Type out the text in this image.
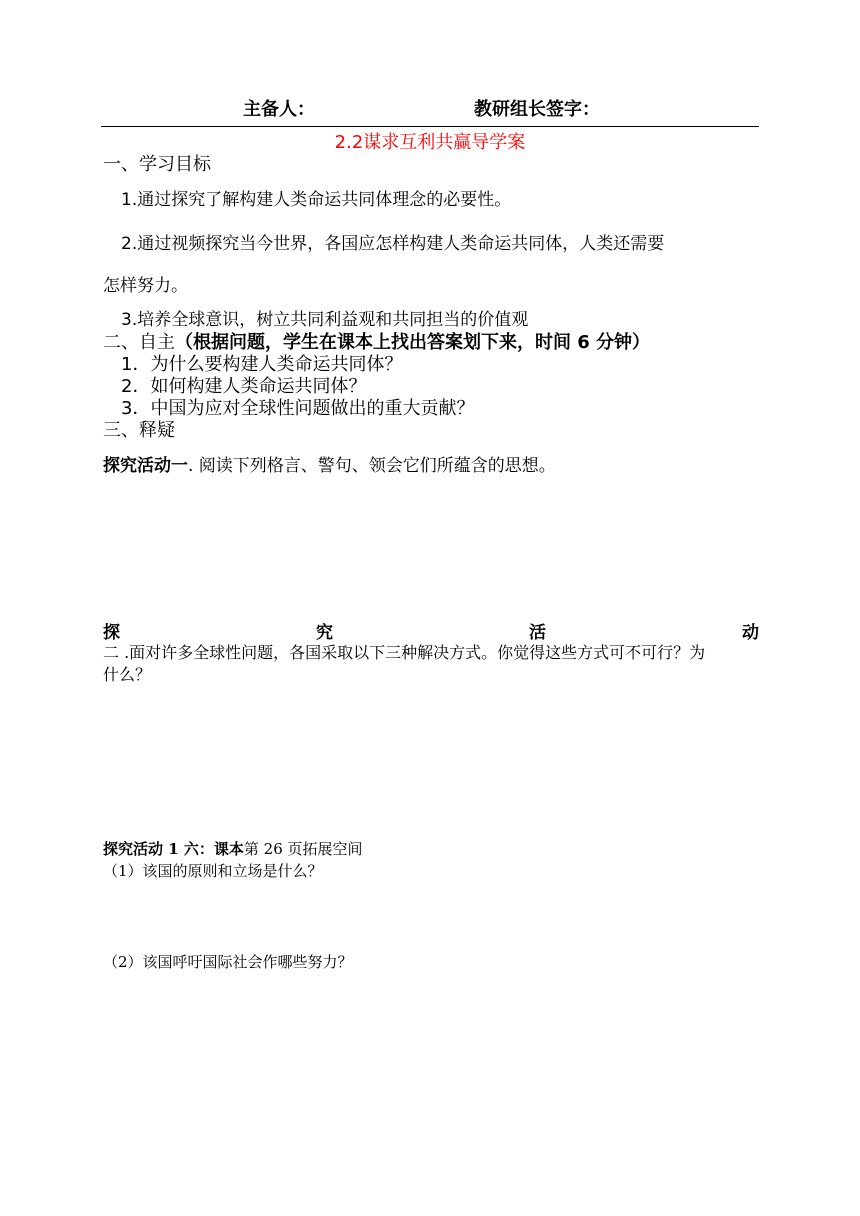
主备人：	教研组长签字：
2.2谋求互利共赢导学案
一、学习目标
1.通过探究了解构建人类命运共同体理念的必要性。
2.通过视频探究当今世界，各国应怎样构建人类命运共同体，人类还需要
怎样努力。
3.培养全球意识，树立共同利益观和共同担当的价值观
二、自主（根据问题，学生在课本上找出答案划下来，时间 6 分钟）
1．为什么要构建人类命运共同体？
2．如何构建人类命运共同体？
3．中国为应对全球性问题做出的重大贡献？
三、释疑
探究活动一. 阅读下列格言、警句、领会它们所蕴含的思想。
探	究	活	动
二 .面对许多全球性问题，各国采取以下三种解决方式。你觉得这些方式可不可行？为
什么？
探究活动 1 六：课本第 26 页拓展空间
（1）该国的原则和立场是什么？
（2）该国呼吁国际社会作哪些努力？
